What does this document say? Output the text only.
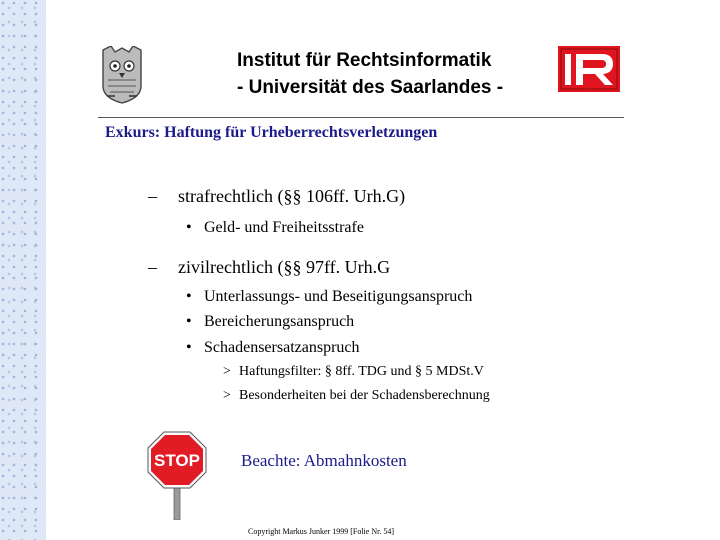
Institut für Rechtsinformatik
- Universität des Saarlandes -	IfR
Exkurs: Haftung für Urheberrechtsverletzungen
– strafrechtlich (§§ 106ff. Urh.G)
• Geld- und Freiheitsstrafe
– zivilrechtlich (§§ 97ff. Urh.G
• Unterlassungs- und Beseitigungsanspruch
• Bereicherungsanspruch
• Schadensersatzanspruch
> Haftungsfilter: § 8ff. TDG und § 5 MDSt.V
> Besonderheiten bei der Schadensberechnung
STOP Beachte: Abmahnkosten
Copyright Markus Junker 1999 [Folie Nr. 54]
